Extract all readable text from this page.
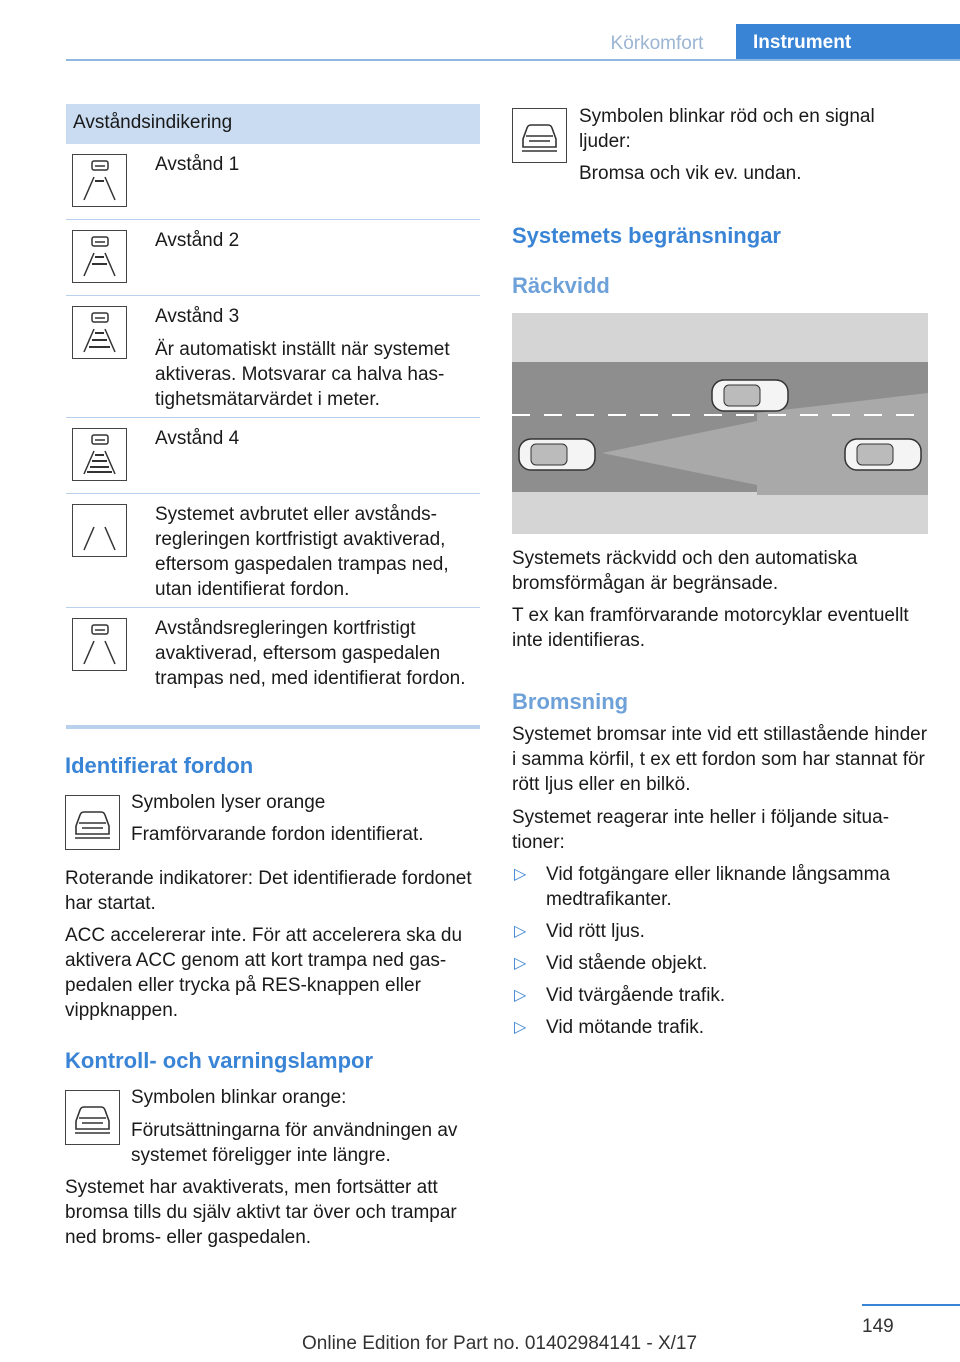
Körkomfort	Instrument
Avståndsindikering

Avstånd 1

Avstånd 2

Avstånd 3

Är automatiskt inställt när systemet aktiveras. Motsvarar ca halva hastighetsmätarvärdet i meter.

Avstånd 4

Systemet avbrutet eller avståndsregleringen kortfristigt avaktiverad, eftersom gaspedalen trampas ned, utan identifierat fordon.

Avståndsregleringen kortfristigt avaktiverad, eftersom gaspedalen trampas ned, med identifierat fordon.

Identifierat fordon

Symbolen lyser orange

Framförvarande fordon identifierat.

Roterande indikatorer: Det identifierade fordonet har startat.

ACC accelererar inte. För att accelerera ska du aktivera ACC genom att kort trampa ned gaspedalen eller trycka på RES-knappen eller vippknappen.

Kontroll- och varningslampor

Symbolen blinkar orange:

Förutsättningarna för användningen av systemet föreligger inte längre.

Systemet har avaktiverats, men fortsätter att bromsa tills du själv aktivt tar över och trampar ned broms- eller gaspedalen.

Symbolen blinkar röd och en signal ljuder:

Bromsa och vik ev. undan.

Systemets begränsningar
Räckvidd

Systemets räckvidd och den automatiska bromsförmågan är begränsade.

T ex kan framförvarande motorcyklar eventuellt inte identifieras.

Bromsning

Systemet bromsar inte vid ett stillastående hinder i samma körfil, t ex ett fordon som har stannat för rött ljus eller en bilkö.

Systemet reagerar inte heller i följande situationer:

▷ Vid fotgängare eller liknande långsamma medtrafikanter.
▷ Vid rött ljus.
▷ Vid stående objekt.
▷ Vid tvärgående trafik.
▷ Vid mötande trafik.
149
Online Edition for Part no. 01402984141 - X/17
